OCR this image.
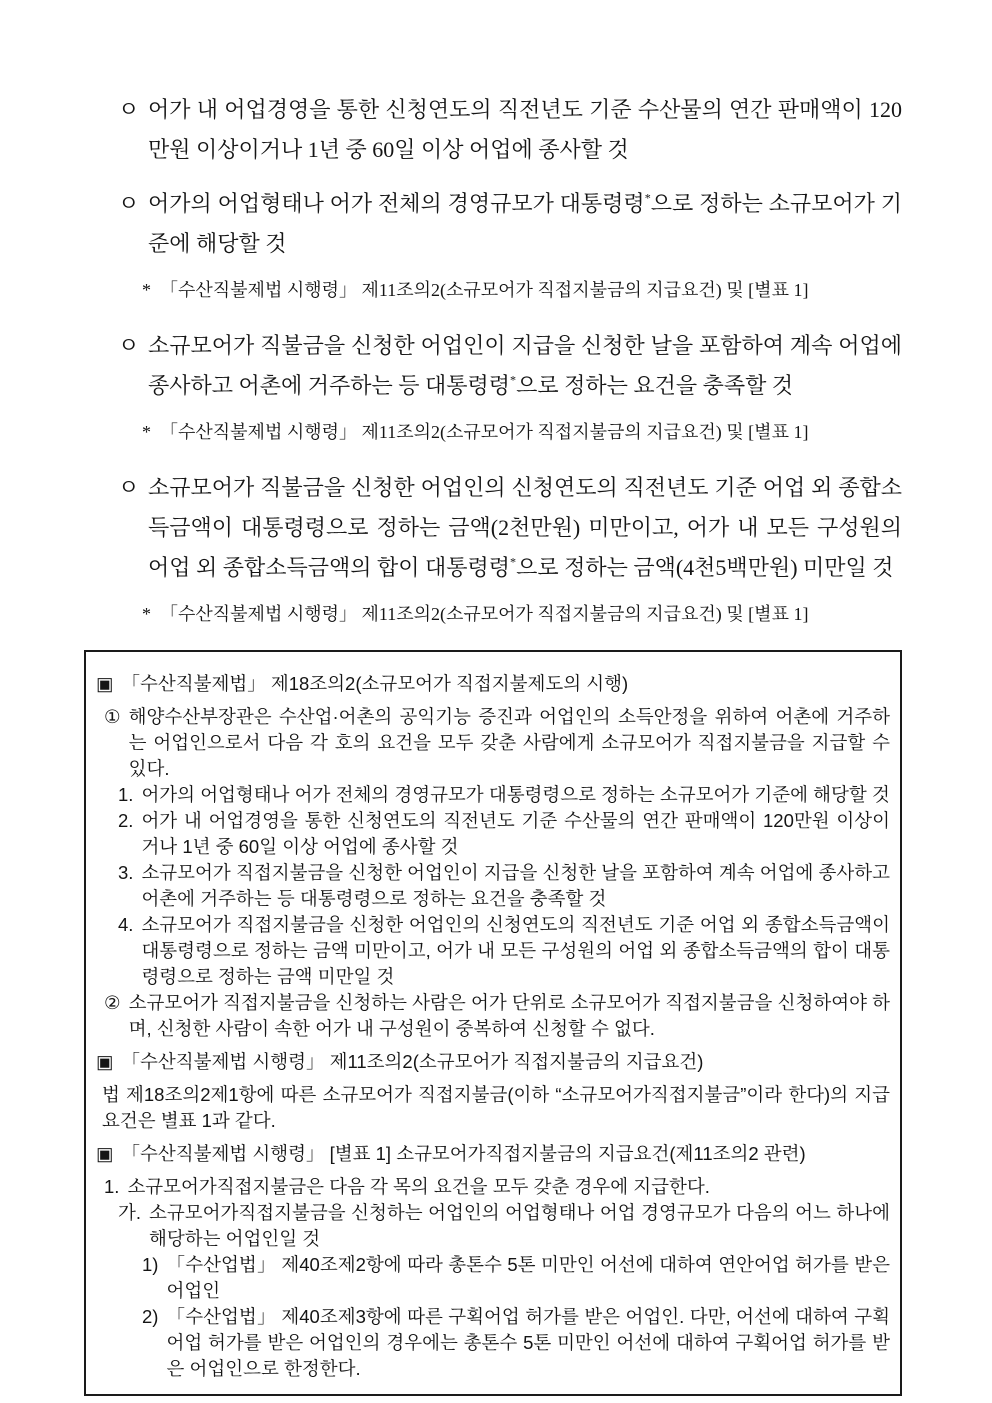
ㅇ 어가 내 어업경영을 통한 신청연도의 직전년도 기준 수산물의 연간 판매액이 120만원 이상이거나 1년 중 60일 이상 어업에 종사할 것
ㅇ 어가의 어업형태나 어가 전체의 경영규모가 대통령령*으로 정하는 소규모어가 기준에 해당할 것
* 「수산직불제법 시행령」 제11조의2(소규모어가 직접지불금의 지급요건) 및 [별표 1]
ㅇ 소규모어가 직불금을 신청한 어업인이 지급을 신청한 날을 포함하여 계속 어업에 종사하고 어촌에 거주하는 등 대통령령*으로 정하는 요건을 충족할 것
* 「수산직불제법 시행령」 제11조의2(소규모어가 직접지불금의 지급요건) 및 [별표 1]
ㅇ 소규모어가 직불금을 신청한 어업인의 신청연도의 직전년도 기준 어업 외 종합소득금액이 대통령령으로 정하는 금액(2천만원) 미만이고, 어가 내 모든 구성원의 어업 외 종합소득금액의 합이 대통령령*으로 정하는 금액(4천5백만원) 미만일 것
* 「수산직불제법 시행령」 제11조의2(소규모어가 직접지불금의 지급요건) 및 [별표 1]
▣ 「수산직불제법」 제18조의2(소규모어가 직접지불제도의 시행)
① 해양수산부장관은 수산업·어촌의 공익기능 증진과 어업인의 소득안정을 위하여 어촌에 거주하는 어업인으로서 다음 각 호의 요건을 모두 갖춘 사람에게 소규모어가 직접지불금을 지급할 수 있다.
1. 어가의 어업형태나 어가 전체의 경영규모가 대통령령으로 정하는 소규모어가 기준에 해당할 것
2. 어가 내 어업경영을 통한 신청연도의 직전년도 기준 수산물의 연간 판매액이 120만원 이상이거나 1년 중 60일 이상 어업에 종사할 것
3. 소규모어가 직접지불금을 신청한 어업인이 지급을 신청한 날을 포함하여 계속 어업에 종사하고 어촌에 거주하는 등 대통령령으로 정하는 요건을 충족할 것
4. 소규모어가 직접지불금을 신청한 어업인의 신청연도의 직전년도 기준 어업 외 종합소득금액이 대통령령으로 정하는 금액 미만이고, 어가 내 모든 구성원의 어업 외 종합소득금액의 합이 대통령령으로 정하는 금액 미만일 것
② 소규모어가 직접지불금을 신청하는 사람은 어가 단위로 소규모어가 직접지불금을 신청하여야 하며, 신청한 사람이 속한 어가 내 구성원이 중복하여 신청할 수 없다.
▣ 「수산직불제법 시행령」 제11조의2(소규모어가 직접지불금의 지급요건)
법 제18조의2제1항에 따른 소규모어가 직접지불금(이하 “소규모어가직접지불금”이라 한다)의 지급요건은 별표 1과 같다.
▣ 「수산직불제법 시행령」 [별표 1] 소규모어가직접지불금의 지급요건(제11조의2 관련)
1. 소규모어가직접지불금은 다음 각 목의 요건을 모두 갖춘 경우에 지급한다.
가. 소규모어가직접지불금을 신청하는 어업인의 어업형태나 어업 경영규모가 다음의 어느 하나에 해당하는 어업인일 것
1) 「수산업법」 제40조제2항에 따라 총톤수 5톤 미만인 어선에 대하여 연안어업 허가를 받은 어업인
2) 「수산업법」 제40조제3항에 따른 구획어업 허가를 받은 어업인. 다만, 어선에 대하여 구획어업 허가를 받은 어업인의 경우에는 총톤수 5톤 미만인 어선에 대하여 구획어업 허가를 받은 어업인으로 한정한다.
